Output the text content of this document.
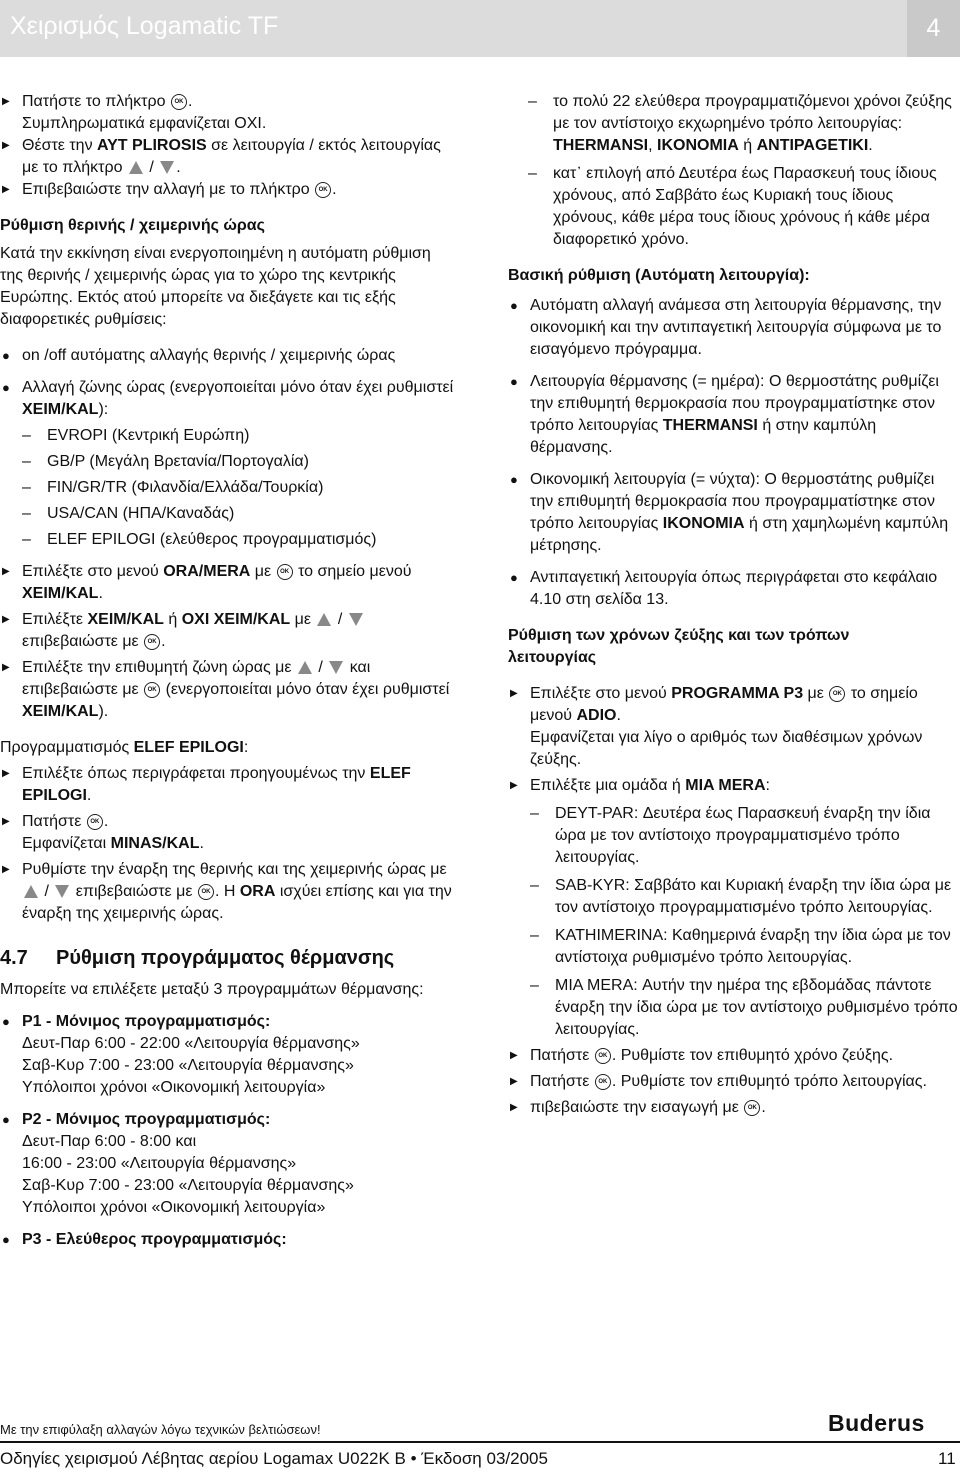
Χειρισμός Logamatic TF	4

▶ Πατήστε το πλήκτρο OK .
Συμπληρωματικά εμφανίζεται ΟΧΙ.

▶ Θέστε την AYT PLIROSIS σε λειτουργία / εκτός λειτουργίας με το πλήκτρο  / .

▶ Επιβεβαιώστε την αλλαγή με το πλήκτρο OK .

Ρύθμιση θερινής / χειμερινής ώρας

Κατά την εκκίνηση είναι ενεργοποιημένη η αυτόματη ρύθμιση της θερινής / χειμερινής ώρας για το χώρο της κεντρικής Ευρώπης. Εκτός ατού μπορείτε να διεξάγετε και τις εξής διαφορετικές ρυθμίσεις:

● on /off αυτόματης αλλαγής θερινής / χειμερινής ώρας

● Αλλαγή ζώνης ώρας (ενεργοποιείται μόνο όταν έχει ρυθμιστεί XEIM/KAL):

– EVROPI (Κεντρική Ευρώπη)

– GB/P (Μεγάλη Βρετανία/Πορτογαλία)

– FIN/GR/TR (Φιλανδία/Ελλάδα/Τουρκία)

– USA/CAN (ΗΠΑ/Καναδάς)

– ELEF EPILOGI (ελεύθερος προγραμματισμός)

▶ Επιλέξτε στο μενού ORA/MERA με OK το σημείο μενού XEIM/KAL.

▶ Επιλέξτε XEIM/KAL ή OXI XEIM/KAL με  /
επιβεβαιώστε με OK .

▶ Επιλέξτε την επιθυμητή ζώνη ώρας με  /  και επιβεβαιώστε με OK (ενεργοποιείται μόνο όταν έχει ρυθμιστεί XEIM/KAL).

Προγραμματισμός ELEF EPILOGI:

▶ Επιλέξτε όπως περιγράφεται προηγουμένως την ELEF EPILOGI.

▶ Πατήστε OK .
Εμφανίζεται MINAS/KAL.

▶ Ρυθμίστε την έναρξη της θερινής και της χειμερινής ώρας με  /  επιβεβαιώστε με OK . Η ORA ισχύει επίσης και για την έναρξη της χειμερινής ώρας.

4.7 Ρύθμιση προγράμματος θέρμανσης

Μπορείτε να επιλέξετε μεταξύ 3 προγραμμάτων θέρμανσης:

● P1 - Μόνιμος προγραμματισμός:
Δευτ-Παρ 6:00 - 22:00 «Λειτουργία θέρμανσης»
Σαβ-Κυρ 7:00 - 23:00 «Λειτουργία θέρμανσης»
Υπόλοιποι χρόνοι «Οικονομική λειτουργία»

● P2 - Μόνιμος προγραμματισμός:
Δευτ-Παρ 6:00 - 8:00 και
16:00 - 23:00 «Λειτουργία θέρμανσης»
Σαβ-Κυρ 7:00 - 23:00 «Λειτουργία θέρμανσης»
Υπόλοιποι χρόνοι «Οικονομική λειτουργία»

● P3 - Ελεύθερος προγραμματισμός:

– το πολύ 22 ελεύθερα προγραμματιζόμενοι χρόνοι ζεύξης με τον αντίστοιχο εκχωρημένο τρόπο λειτουργίας: THERMANSI, IKONOMIA ή ANTIPAGETIKI.

– κατ᾽ επιλογή από Δευτέρα έως Παρασκευή τους ίδιους χρόνους, από Σαββάτο έως Κυριακή τους ίδιους χρόνους, κάθε μέρα τους ίδιους χρόνους ή κάθε μέρα διαφορετικό χρόνο.

Βασική ρύθμιση (Αυτόματη λειτουργία):

● Αυτόματη αλλαγή ανάμεσα στη λειτουργία θέρμανσης, την οικονομική και την αντιπαγετική λειτουργία σύμφωνα με το εισαγόμενο πρόγραμμα.

● Λειτουργία θέρμανσης (= ημέρα): Ο θερμοστάτης ρυθμίζει την επιθυμητή θερμοκρασία που προγραμματίστηκε στον τρόπο λειτουργίας THERMANSI ή στην καμπύλη θέρμανσης.

● Οικονομική λειτουργία (= νύχτα): Ο θερμοστάτης ρυθμίζει την επιθυμητή θερμοκρασία που προγραμματίστηκε στον τρόπο λειτουργίας IKONOMIA ή στη χαμηλωμένη καμπύλη μέτρησης.

● Αντιπαγετική λειτουργία όπως περιγράφεται στο κεφάλαιο 4.10 στη σελίδα 13.

Ρύθμιση των χρόνων ζεύξης και των τρόπων
λειτουργίας

▶ Επιλέξτε στο μενού PROGRAMMA P3 με OK το σημείο μενού ADIO.
Εμφανίζεται για λίγο ο αριθμός των διαθέσιμων χρόνων ζεύξης.

▶ Επιλέξτε μια ομάδα ή MIA MERA:

– DEYT-PAR: Δευτέρα έως Παρασκευή έναρξη την ίδια ώρα με τον αντίστοιχο προγραμματισμένο τρόπο λειτουργίας.

– SAB-KYR: Σαββάτο και Κυριακή έναρξη την ίδια ώρα με τον αντίστοιχο προγραμματισμένο τρόπο λειτουργίας.

– KATHIMERINA: Καθημερινά έναρξη την ίδια ώρα με τον αντίστοιχα ρυθμισμένο τρόπο λειτουργίας.

– MIA MERA: Αυτήν την ημέρα της εβδομάδας πάντοτε έναρξη την ίδια ώρα με τον αντίστοιχο ρυθμισμένο τρόπο λειτουργίας.

▶ Πατήστε OK . Ρυθμίστε τον επιθυμητό χρόνο ζεύξης.

▶ Πατήστε OK . Ρυθμίστε τον επιθυμητό τρόπο λειτουργίας.

▶ πιβεβαιώστε την εισαγωγή με OK .

Με την επιφύλαξη αλλαγών λόγω τεχνικών βελτιώσεων!	Buderus
Οδηγίες χειρισμού Λέβητας αερίου Logamax U022K B • Έκδοση 03/2005	11
